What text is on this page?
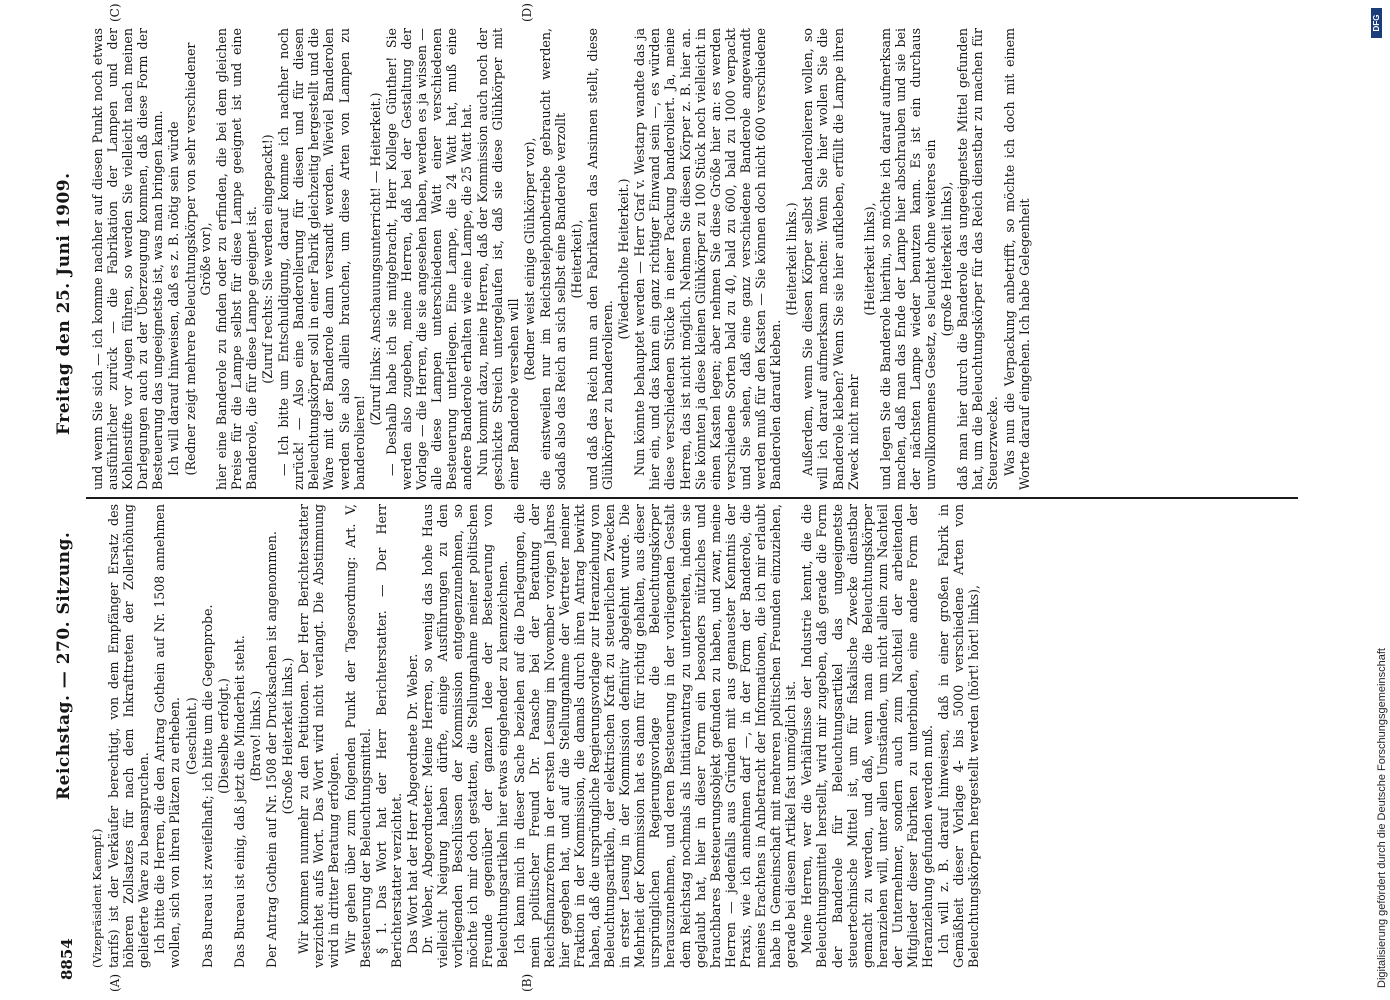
8854
Reichstag. — 270. Sitzung.
Freitag den 25. Juni 1909.
(A)	(B)
(C)	(D)

(Vizepräsident Kaempf.) tarifs) ist der Verkäufer berechtigt, von dem Empfänger Ersatz des höheren Zollsatzes für nach dem Inkrafttreten der Zollerhöhung gelieferte Ware zu beanspruchen. Ich bitte die Herren, die den Antrag Gothein auf Nr. 1508 annehmen wollen, sich von ihren Plätzen zu erheben. (Geschieht.) Das Bureau ist zweifelhaft; ich bitte um die Gegenprobe. (Dieselbe erfolgt.) Das Bureau ist einig, daß jetzt die Minderheit steht. (Bravo! links.) Der Antrag Gothein auf Nr. 1508 der Drucksachen ist angenommen. (Große Heiterkeit links.) Wir kommen nunmehr zu den Petitionen. Der Herr Berichterstatter verzichtet aufs Wort. Das Wort wird nicht verlangt. Die Abstimmung wird in dritter Beratung erfolgen. Wir gehen über zum folgenden Punkt der Tagesordnung: Art. V, Besteuerung der Beleuchtungsmittel. § 1. Das Wort hat der Herr Berichterstatter. — Der Herr Berichterstatter verzichtet. Das Wort hat der Herr Abgeordnete Dr. Weber. Dr. Weber, Abgeordneter: Meine Herren, so wenig das hohe Haus vielleicht Neigung haben dürfte, einige Ausführungen zu den vorliegenden Beschlüssen der Kommission entgegenzunehmen, so möchte ich mir doch gestatten, die Stellungnahme meiner politischen Freunde gegenüber der ganzen Idee der Besteuerung von Beleuchtungsartikeln hier etwas eingehender zu kennzeichnen. Ich kann mich in dieser Sache beziehen auf die Darlegungen, die mein politischer Freund Dr. Paasche bei der Beratung der Reichsfinanzreform in der ersten Lesung im November vorigen Jahres hier gegeben hat, und auf die Stellungnahme der Vertreter meiner Fraktion in der Kommission, die damals durch ihren Antrag bewirkt haben, daß die ursprüngliche Regierungsvorlage zur Heranziehung von Beleuchtungsartikeln, der elektrischen Kraft zu steuerlichen Zwecken in erster Lesung in der Kommission definitiv abgelehnt wurde. Die Mehrheit der Kommission hat es dann für richtig gehalten, aus dieser ursprünglichen Regierungsvorlage die Beleuchtungskörper herauszunehmen, und deren Besteuerung in der vorliegenden Gestalt dem Reichstag nochmals als Initiativantrag zu unterbreiten, indem sie geglaubt hat, hier in dieser Form ein besonders nützliches und brauchbares Besteuerungsobjekt gefunden zu haben, und zwar, meine Herren — jedenfalls aus Gründen mit aus genauester Kenntnis der Praxis, wie ich annehmen darf —, in der Form der Banderole, die meines Erachtens in Anbetracht der Informationen, die ich mir erlaubt habe in Gemeinschaft mit mehreren politischen Freunden einzuziehen, gerade bei diesem Artikel fast unmöglich ist. Meine Herren, wer die Verhältnisse der Industrie kennt, die die Beleuchtungsmittel herstellt, wird mir zugeben, daß gerade die Form der Banderole für Beleuchtungsartikel das ungeeignetste steuertechnische Mittel ist, um für fiskalische Zwecke dienstbar gemacht zu werden, und daß, wenn man die Beleuchtungskörper heranziehen will, unter allen Umständen, um nicht allein zum Nachteil der Unternehmer, sondern auch zum Nachteil der arbeitenden Mitglieder dieser Fabriken zu unterbinden, eine andere Form der Heranziehung gefunden werden muß. Ich will z. B. darauf hinweisen, daß in einer großen Fabrik in Gemäßheit dieser Vorlage 4- bis 5000 verschiedene Arten von Beleuchtungskörpern hergestellt werden (hört! hört! links),

und wenn Sie sich — ich komme nachher auf diesen Punkt noch etwas ausführlicher zurück — die Fabrikation der Lampen und der Kohlenstifte vor Augen führen, so werden Sie vielleicht nach meinen Darlegungen auch zu der Überzeugung kommen, daß diese Form der Besteuerung das ungeeignetste ist, was man bringen kann. Ich will darauf hinweisen, daß es z. B. nötig sein würde (Redner zeigt mehrere Beleuchtungskörper von sehr verschiedener Größe vor), hier eine Banderole zu finden oder zu erfinden, die bei dem gleichen Preise für die Lampe selbst für diese Lampe geeignet ist und eine Banderole, die für diese Lampe geeignet ist. (Zuruf rechts: Sie werden eingepackt!) — Ich bitte um Entschuldigung, darauf komme ich nachher noch zurück! — Also eine Banderolierung für diesen und für diesen Beleuchtungskörper soll in einer Fabrik gleichzeitig hergestellt und die Ware mit der Banderole dann versandt werden. Wieviel Banderolen werden Sie also allein brauchen, um diese Arten von Lampen zu banderolieren!

(Zuruf links: Anschauungsunterricht! — Heiterkeit.) — Deshalb habe ich sie mitgebracht, Herr Kollege Günther! Sie werden also zugeben, meine Herren, daß bei der Gestaltung der Vorlage — die Herren, die sie angesehen haben, werden es ja wissen — alle diese Lampen unterschiedenen Watt einer verschiedenen Besteuerung unterliegen. Eine Lampe, die 24 Watt hat, muß eine andere Banderole erhalten wie eine Lampe, die 25 Watt hat. Nun kommt dazu, meine Herren, daß der Kommission auch noch der geschickte Streich untergelaufen ist, daß sie diese Glühkörper mit einer Banderole versehen will

(Redner weist einige Glühkörper vor), die einstweilen nur im Reichstelephonbetriebe gebraucht werden, sodaß also das Reich an sich selbst eine Banderole verzollt (Heiterkeit), und daß das Reich nun an den Fabrikanten das Ansinnen stellt, diese Glühkörper zu banderolieren.

(Wiederholte Heiterkeit.) Nun könnte behauptet werden — Herr Graf v. Westarp wandte das ja hier ein, und das kann ein ganz richtiger Einwand sein —, es würden diese verschiedenen Stücke in einer Packung banderoliert. Ja, meine Herren, das ist nicht möglich. Nehmen Sie diesen Körper z. B. hier an. Sie könnten ja diese kleinen Glühkörper zu 100 Stück noch vielleicht in einen Kasten legen; aber nehmen Sie diese Größe hier an: es werden verschiedene Sorten bald zu 40, bald zu 600, bald zu 1000 verpackt und Sie sehen, daß eine ganz verschiedene Banderole angewandt werden muß für den Kasten — Sie können doch nicht 600 verschiedene Banderolen darauf kleben.

(Heiterkeit links.) Außerdem, wenn Sie diesen Körper selbst banderolieren wollen, so will ich darauf aufmerksam machen: Wenn Sie hier wollen Sie die Banderole kleben? Wenn Sie sie hier aufkleben, erfüllt die Lampe ihren Zweck nicht mehr

(Heiterkeit links), und legen Sie die Banderole hierhin, so möchte ich darauf aufmerksam machen, daß man das Ende der Lampe hier abschrauben und sie bei der nächsten Lampe wieder benutzen kann. Es ist ein durchaus unvollkommenes Gesetz, es leuchtet ohne weiteres ein (große Heiterkeit links), daß man hier durch die Banderole das ungeeignetste Mittel gefunden hat, um die Beleuchtungskörper für das Reich dienstbar zu machen für Steuerzwecke. Was nun die Verpackung anbetrifft, so möchte ich doch mit einem Worte darauf eingehen. Ich habe Gelegenheit

Digitalisierung gefördert durch die Deutsche Forschungsgemeinschaft
DFG
